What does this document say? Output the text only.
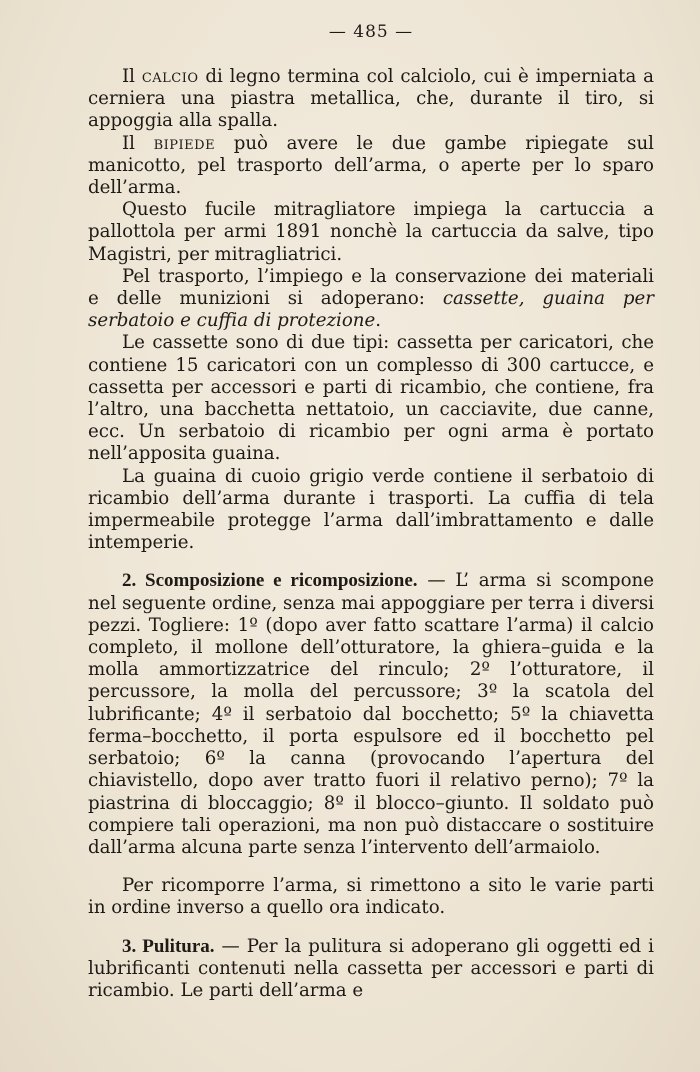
— 485 —

Il calcio di legno termina col calciolo, cui è imperniata a cerniera una piastra metallica, che, durante il tiro, si appoggia alla spalla.

Il bipiede può avere le due gambe ripiegate sul manicotto, pel trasporto dell’arma, o aperte per lo sparo dell’arma.

Questo fucile mitragliatore impiega la cartuccia a pallottola per armi 1891 nonchè la cartuccia da salve, tipo Magistri, per mitragliatrici.

Pel trasporto, l’impiego e la conservazione dei materiali e delle munizioni si adoperano: cassette, guaina per serbatoio e cuffia di protezione.

Le cassette sono di due tipi: cassetta per caricatori, che contiene 15 caricatori con un complesso di 300 cartucce, e cassetta per accessori e parti di ricambio, che contiene, fra l’altro, una bacchetta nettatoio, un cacciavite, due canne, ecc. Un serbatoio di ricambio per ogni arma è portato nell’apposita guaina.

La guaina di cuoio grigio verde contiene il serbatoio di ricambio dell’arma durante i trasporti. La cuffia di tela impermeabile protegge l’arma dall’imbrattamento e dalle intemperie.

2. Scomposizione e ricomposizione. — L’ arma si scompone nel seguente ordine, senza mai appoggiare per terra i diversi pezzi. Togliere: 1º (dopo aver fatto scattare l’arma) il calcio completo, il mollone dell’otturatore, la ghiera–guida e la molla ammortizzatrice del rinculo; 2º l’otturatore, il percussore, la molla del percussore; 3º la scatola del lubrificante; 4º il serbatoio dal bocchetto; 5º la chiavetta ferma–bocchetto, il porta espulsore ed il bocchetto pel serbatoio; 6º la canna (provocando l’apertura del chiavistello, dopo aver tratto fuori il relativo perno); 7º la piastrina di bloccaggio; 8º il blocco–giunto. Il soldato può compiere tali operazioni, ma non può distaccare o sostituire dall’arma alcuna parte senza l’intervento dell’armaiolo.

Per ricomporre l’arma, si rimettono a sito le varie parti in ordine inverso a quello ora indicato.

3. Pulitura. — Per la pulitura si adoperano gli oggetti ed i lubrificanti contenuti nella cassetta per accessori e parti di ricambio. Le parti dell’arma e
